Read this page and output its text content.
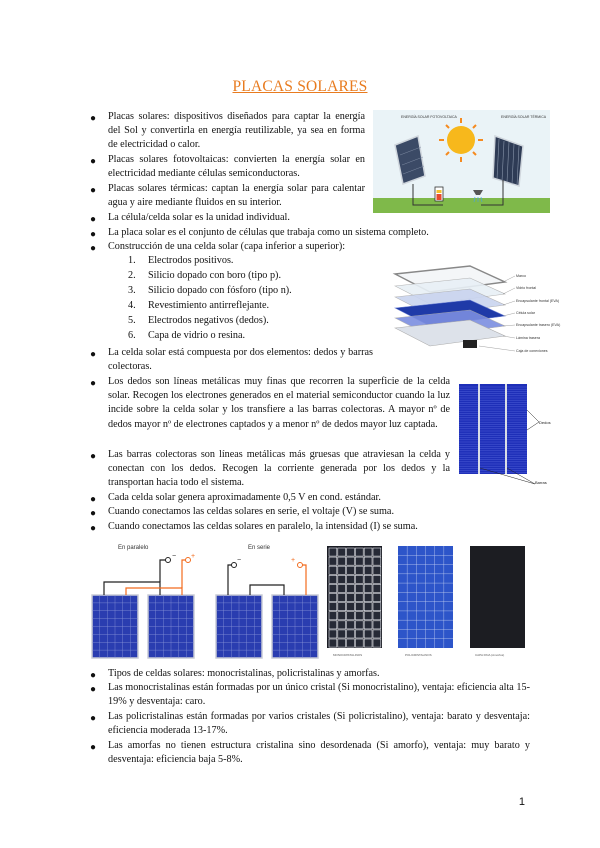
PLACAS SOLARES
● Placas solares: dispositivos diseñados para captar la energía del Sol y convertirla en energía reutilizable, ya sea en forma de electricidad o calor.
● Placas solares fotovoltaicas: convierten la energía solar en electricidad mediante células semiconductoras.
● Placas solares térmicas: captan la energía solar para calentar agua y aire mediante fluidos en su interior.
● La célula/celda solar es la unidad individual.
● La placa solar es el conjunto de células que trabaja como un sistema completo.
● Construcción de una celda solar (capa inferior a superior):
1. Electrodos positivos.
2. Silicio dopado con boro (tipo p).
3. Silicio dopado con fósforo (tipo n).
4. Revestimiento antirreflejante.
5. Electrodos negativos (dedos).
6. Capa de vidrio o resina.
● La celda solar está compuesta por dos elementos: dedos y barras colectoras.
● Los dedos son líneas metálicas muy finas que recorren la superficie de la celda solar. Recogen los electrones generados en el material semiconductor cuando la luz incide sobre la celda solar y los transfiere a las barras colectoras. A mayor nº de dedos mayor nº de electrones captados y a menor nº de dedos mayor luz captada.
● Las barras colectoras son líneas metálicas más gruesas que atraviesan la celda y conectan con los dedos. Recogen la corriente generada por los dedos y la transportan hacia todo el sistema.
● Cada celda solar genera aproximadamente 0,5 V en cond. estándar.
● Cuando conectamos las celdas solares en serie, el voltaje (V) se suma.
● Cuando conectamos las celdas solares en paralelo, la intensidad (I) se suma.
● Tipos de celdas solares: monocristalinas, policristalinas y amorfas.
● Las monocristalinas están formadas por un único cristal (Si monocristalino), ventaja: eficiencia alta 15-19% y desventaja: caro.
● Las policristalinas están formadas por varios cristales (Si policristalino), ventaja: barato y desventaja: eficiencia moderada 13-17%.
● Las amorfas no tienen estructura cristalina sino desordenada (Si amorfo), ventaja: muy barato y desventaja: eficiencia baja 5-8%.
ENERGÍA SOLAR FOTOVOLTAICA	ENERGÍA SOLAR TÉRMICA
Marco
Vidrio frontal
Encapsulante frontal (EVA)
Célula solar
Encapsulante trasero (EVA)
Lámina trasera
Caja de conexiones
Dedos
Barras
En paralelo	En serie
− +
−	+
MONOCRISTALINOS	POLICRISTALINOS	CAPA FINA (Amorfos)
1
